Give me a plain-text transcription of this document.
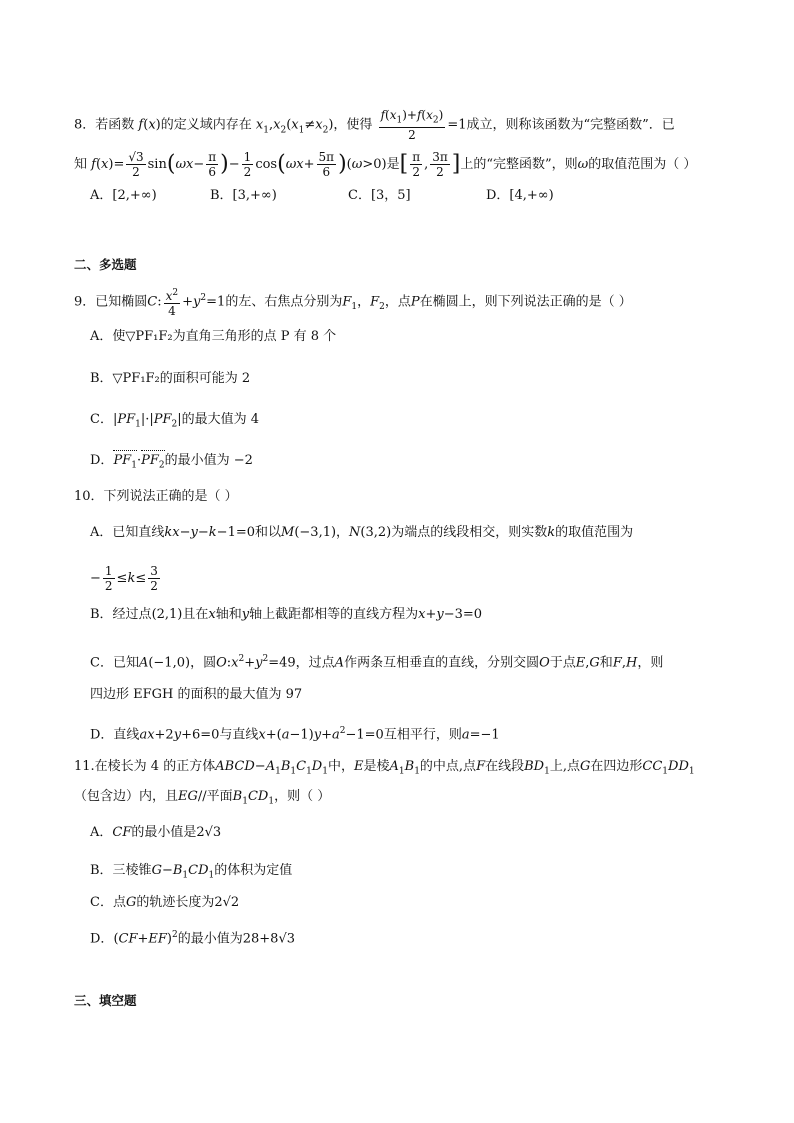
8．若函数 f(x)的定义域内存在 $x_1,x_2(x_1\ne x_2)$，使得 $\frac{f(x_1)+f(x_2)}{2} =1$成立，则称该函数为“完整函数”．已
知 $f(x)= \frac{√3}{2} \sin(\omega x- \frac{\pi}{6}$ )− $\frac{1}{2} \cos(\omega x+ \frac{5\pi}{6} )(\omega>0)$是[ $\frac{\pi}{2}$ , $\frac{3\pi}{2}$ ]上的“完整函数”，则ω的取值范围为（ ）
A．[2,+∞)	B．[3,+∞)	C．[3，5]	D．[4,+∞)
二、多选题
9．已知椭圆C: $\frac{x^2}{4} +y^2=1$的左、右焦点分别为$F_1$，$F_2$，点P在椭圆上，则下列说法正确的是（ ）
A．使▽PF₁F₂为直角三角形的点 P 有 8 个
B．▽PF₁F₂的面积可能为 2
C．$|PF_1|\cdot|PF_2|$的最大值为 4
D．$PF_1\cdot PF_2$的最小值为 −2
10．下列说法正确的是（ ）
A．已知直线kx−y−k−1=0和以M(−3,1)，N(3,2)为端点的线段相交，则实数k的取值范围为
− $\frac{1}{2} \le k\le \frac{3}{2}$
B．经过点(2,1)且在x轴和y轴上截距都相等的直线方程为x+y−3=0
C．已知A(−1,0)，圆$O:x^2+y^2=49$，过点A作两条互相垂直的直线，分别交圆O于点E,G和F,H，则
四边形 EFGH 的面积的最大值为 97
D．直线ax+2y+6=0与直线$x+(a-1)y+a^2-1=0$互相平行，则a=−1
11.在棱长为 4 的正方体$ABCD-A_1B_1C_1D_1$中，E是棱$A_1B_1$的中点,点F在线段$BD_1$上,点G在四边形$CC_1DD_1$
（包含边）内，且EG//平面$B_1CD_1$，则（ ）
A．CF的最小值是2√3
B．三棱锥$G-B_1CD_1$的体积为定值
C．点G的轨迹长度为2√2
D．$(CF+EF)^2$的最小值为28+8√3
三、填空题
